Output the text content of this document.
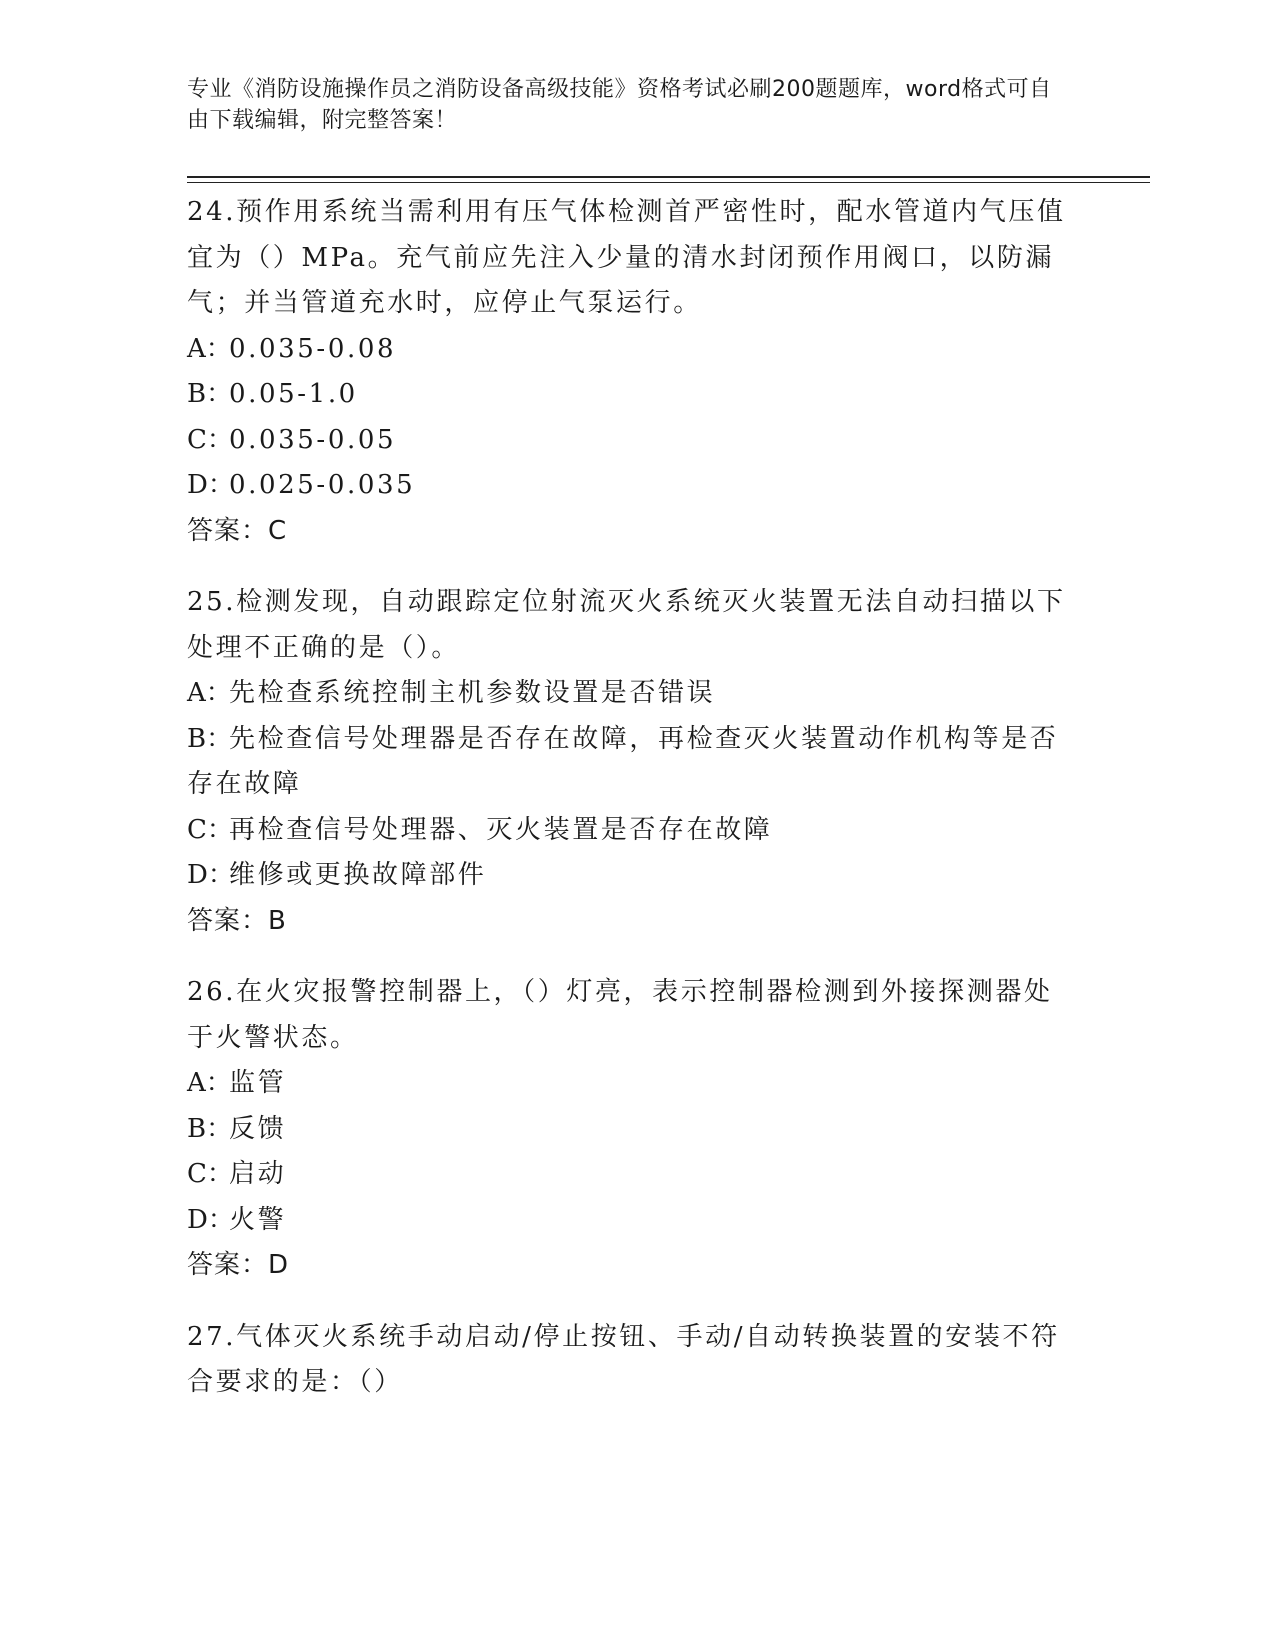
专业《消防设施操作员之消防设备高级技能》资格考试必刷200题题库，word格式可自由下载编辑，附完整答案！

24.预作用系统当需利用有压气体检测首严密性时，配水管道内气压值宜为（）MPa。充气前应先注入少量的清水封闭预作用阀口，以防漏气；并当管道充水时，应停止气泵运行。

A：0.035-0.08

B：0.05-1.0

C：0.035-0.05

D：0.025-0.035

答案：C

25.检测发现，自动跟踪定位射流灭火系统灭火装置无法自动扫描以下处理不正确的是（）。

A：先检查系统控制主机参数设置是否错误

B：先检查信号处理器是否存在故障，再检查灭火装置动作机构等是否存在故障

C：再检查信号处理器、灭火装置是否存在故障

D：维修或更换故障部件

答案：B

26.在火灾报警控制器上，（）灯亮，表示控制器检测到外接探测器处于火警状态。

A：监管

B：反馈

C：启动

D：火警

答案：D

27.气体灭火系统手动启动/停止按钮、手动/自动转换装置的安装不符合要求的是：（）
